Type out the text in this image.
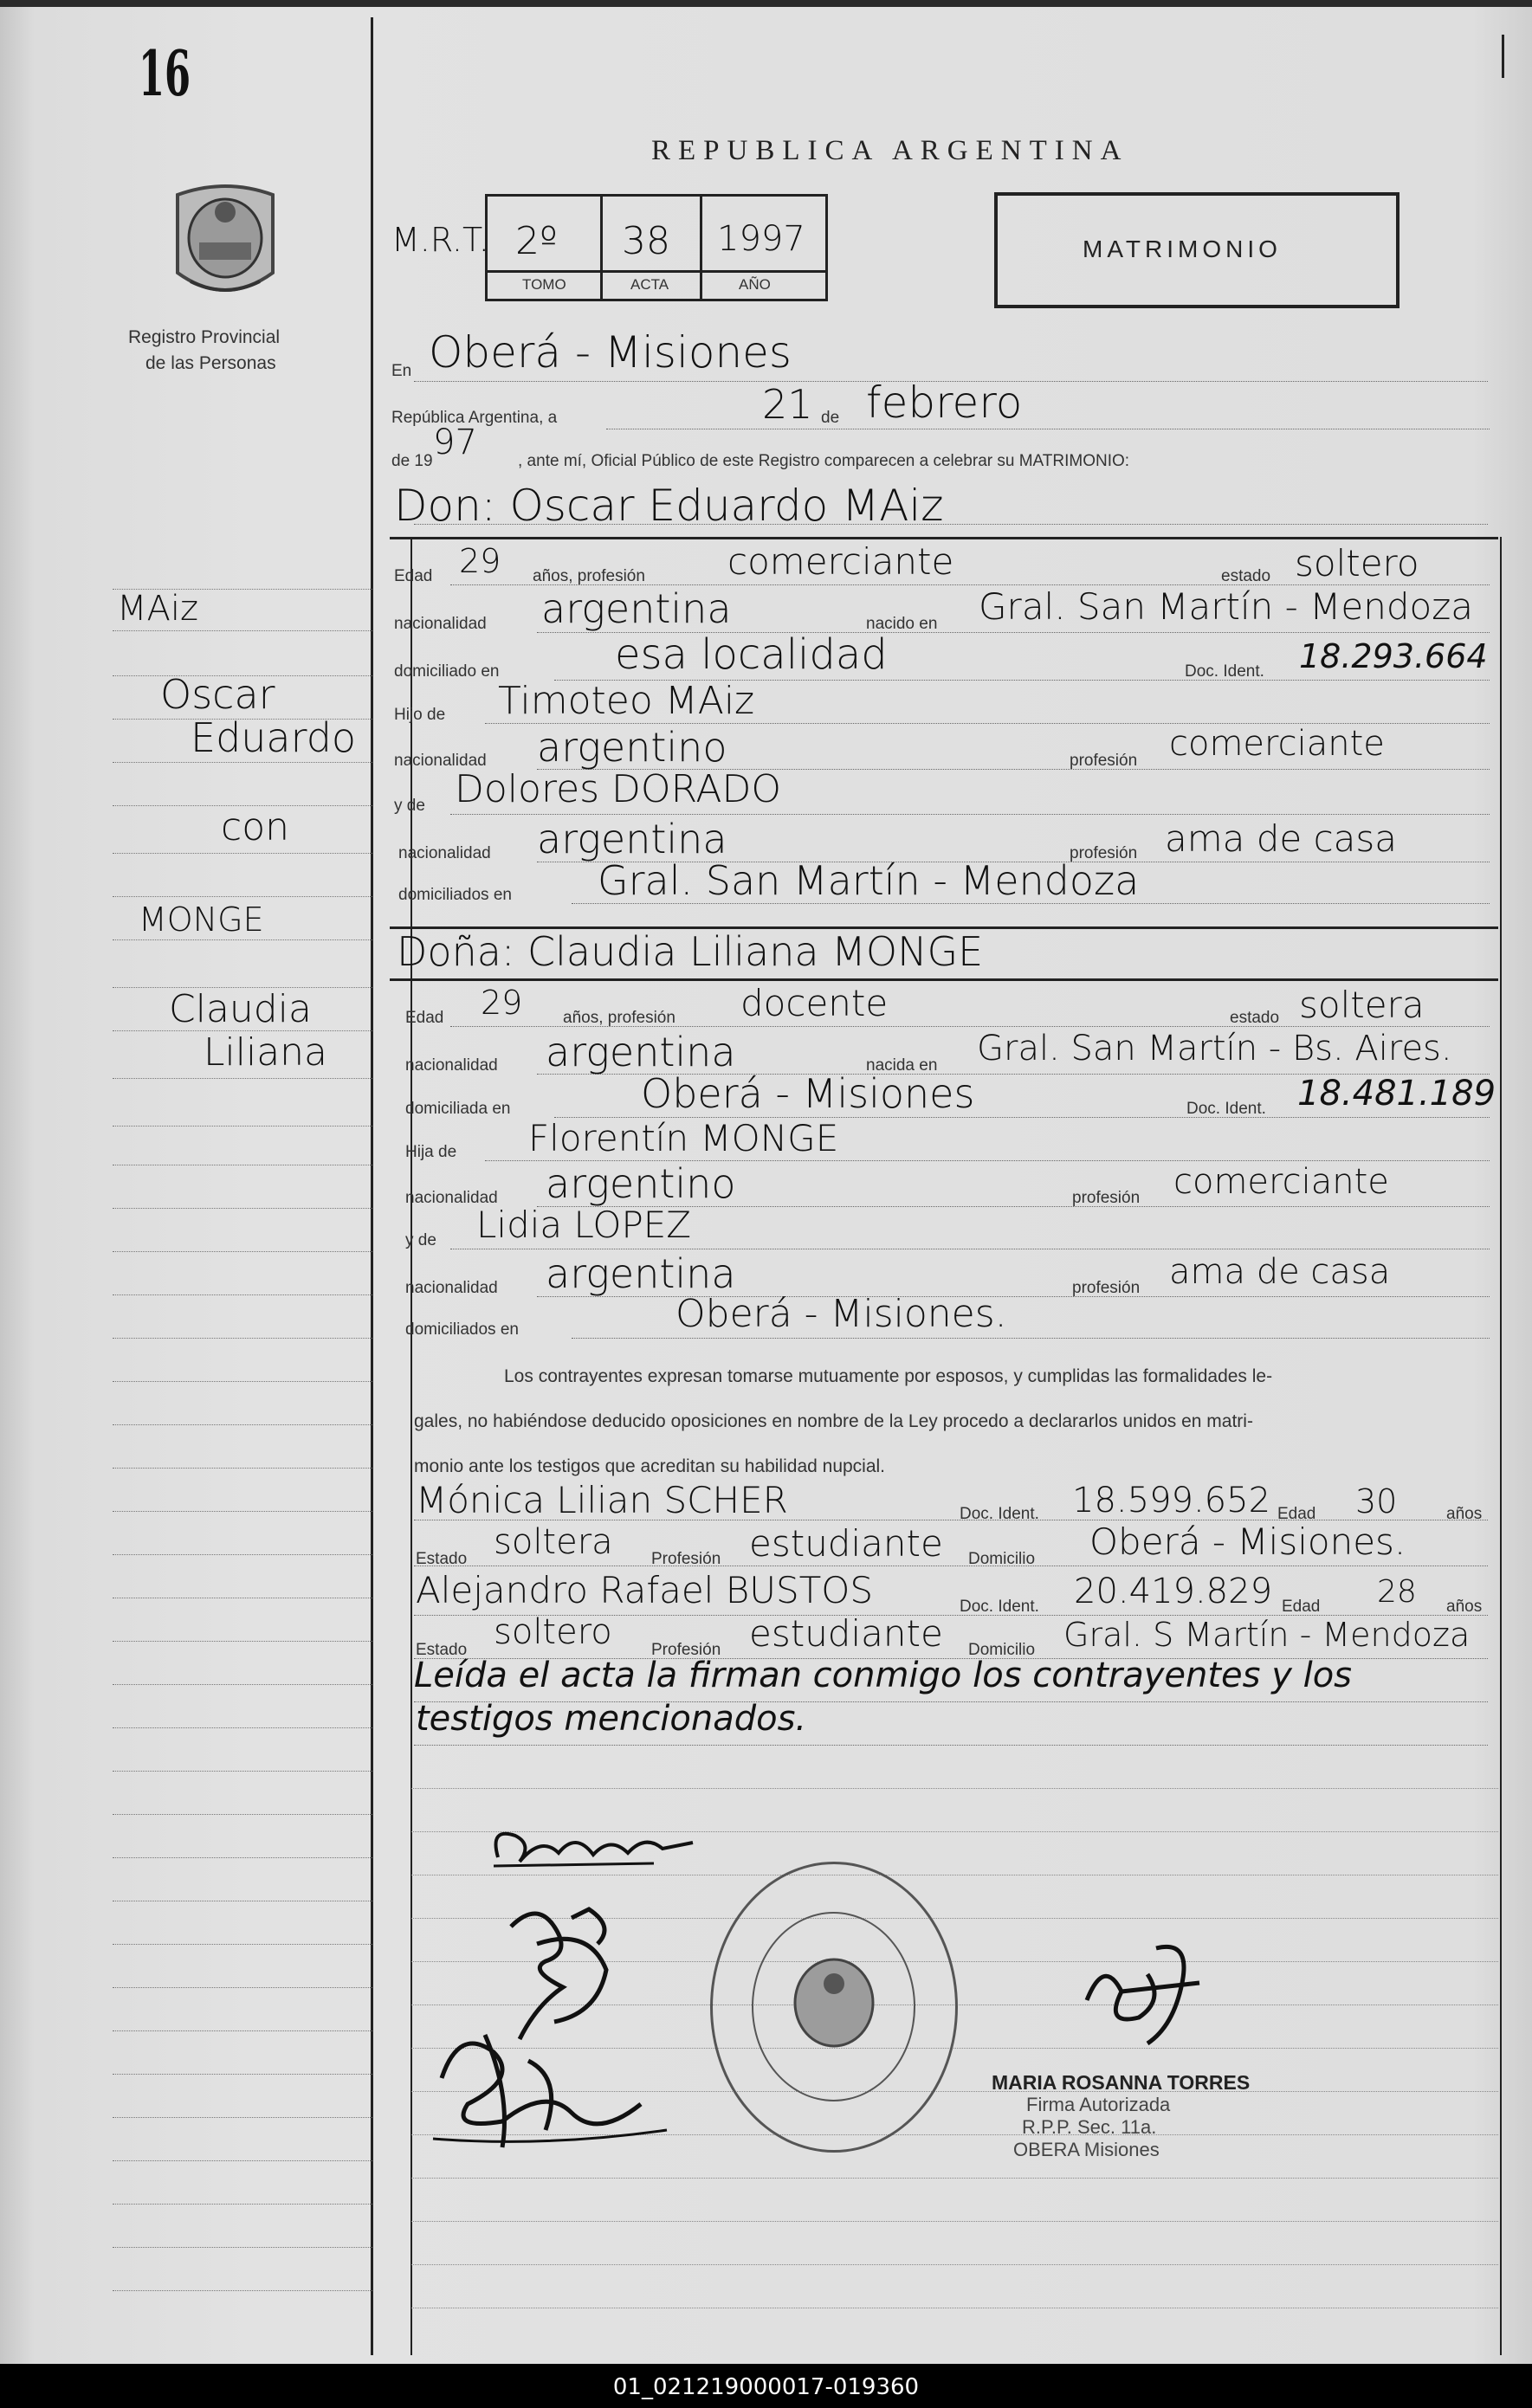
16
Registro Provincial
de las Personas
REPUBLICA ARGENTINA
M.R.T. 2º 38 1997
TOMO	ACTA	AÑO
MATRIMONIO
MAiz
Oscar
Eduardo
con
MONGE
Claudia
Liliana
En Oberá - Misiones
República Argentina, a	21 de febrero
de 19 97 , ante mí, Oficial Público de este Registro comparecen a celebrar su MATRIMONIO:
Don: Oscar Eduardo MAiz
Edad 29 años, profesión comerciante	estado soltero
nacionalidad argentina	nacido en Gral. San Martín - Mendoza
domiciliado en	esa localidad	Doc. Ident. 18.293.664
Hijo de Timoteo MAiz
nacionalidad argentino	profesión comerciante
y de Dolores DORADO
nacionalidad argentina	profesión ama de casa
domiciliados en Gral. San Martín - Mendoza
Doña: Claudia Liliana MONGE
Edad 29 años, profesión docente	estado soltera
nacionalidad argentina	nacida en Gral. San Martín - Bs. Aires.
domiciliada en	Oberá - Misiones	Doc. Ident. 18.481.189
Hija de Florentín MONGE
nacionalidad argentino	profesión comerciante
y de Lidia LOPEZ
nacionalidad argentina	profesión ama de casa
domiciliados en	Oberá - Misiones.
Los contrayentes expresan tomarse mutuamente por esposos, y cumplidas las formalidades le-
gales, no habiéndose deducido oposiciones en nombre de la Ley procedo a declararlos unidos en matri-
monio ante los testigos que acreditan su habilidad nupcial.
Mónica Lilian SCHER	Doc. Ident. 18.599.652 Edad 30	años
Estado soltera Profesión estudiante Domicilio Oberá - Misiones.
Alejandro Rafael BUSTOS	Doc. Ident. 20.419.829 Edad 28 años
Estado soltero Profesión estudiante Domicilio Gral. S Martín - Mendoza
Leída el acta la firman conmigo los contrayentes y los
testigos mencionados.
MARIA ROSANNA TORRES
Firma Autorizada
R.P.P. Sec. 11a.
OBERA Misiones
01_021219000017-019360
